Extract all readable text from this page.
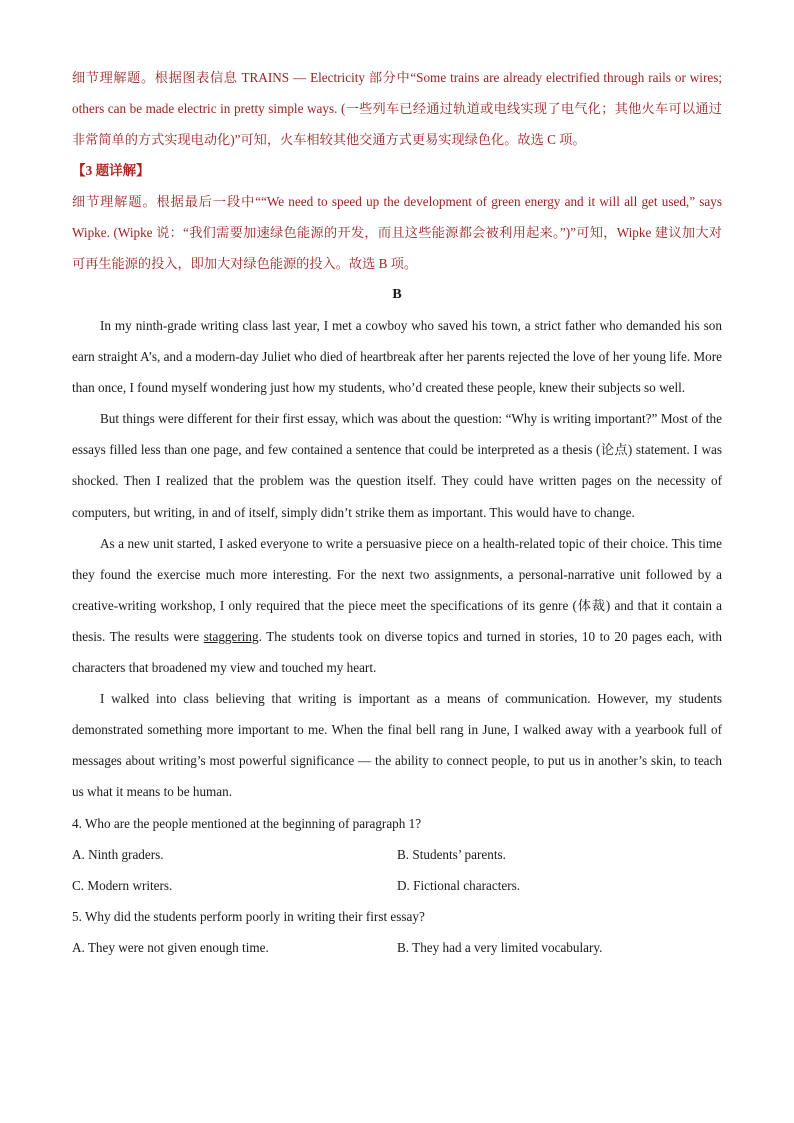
细节理解题。根据图表信息 TRAINS — Electricity 部分中“Some trains are already electrified through rails or wires; others can be made electric in pretty simple ways. (一些列车已经通过轨道或电线实现了电气化；其他火车可以通过非常简单的方式实现电动化)”可知，火车相较其他交通方式更易实现绿色化。故选 C 项。

【3 题详解】

细节理解题。根据最后一段中““We need to speed up the development of green energy and it will all get used,” says Wipke. (Wipke 说：“我们需要加速绿色能源的开发，而且这些能源都会被利用起来。”)”可知，Wipke 建议加大对可再生能源的投入，即加大对绿色能源的投入。故选 B 项。

B

In my ninth-grade writing class last year, I met a cowboy who saved his town, a strict father who demanded his son earn straight A’s, and a modern-day Juliet who died of heartbreak after her parents rejected the love of her young life. More than once, I found myself wondering just how my students, who’d created these people, knew their subjects so well.

But things were different for their first essay, which was about the question: “Why is writing important?” Most of the essays filled less than one page, and few contained a sentence that could be interpreted as a thesis (论点) statement. I was shocked. Then I realized that the problem was the question itself. They could have written pages on the necessity of computers, but writing, in and of itself, simply didn’t strike them as important. This would have to change.

As a new unit started, I asked everyone to write a persuasive piece on a health-related topic of their choice. This time they found the exercise much more interesting. For the next two assignments, a personal-narrative unit followed by a creative-writing workshop, I only required that the piece meet the specifications of its genre (体裁) and that it contain a thesis. The results were staggering. The students took on diverse topics and turned in stories, 10 to 20 pages each, with characters that broadened my view and touched my heart.

I walked into class believing that writing is important as a means of communication. However, my students demonstrated something more important to me. When the final bell rang in June, I walked away with a yearbook full of messages about writing’s most powerful significance — the ability to connect people, to put us in another’s skin, to teach us what it means to be human.

4. Who are the people mentioned at the beginning of paragraph 1?

A. Ninth graders.	B. Students’ parents.
C. Modern writers.	D. Fictional characters.

5. Why did the students perform poorly in writing their first essay?

A. They were not given enough time.	B. They had a very limited vocabulary.
